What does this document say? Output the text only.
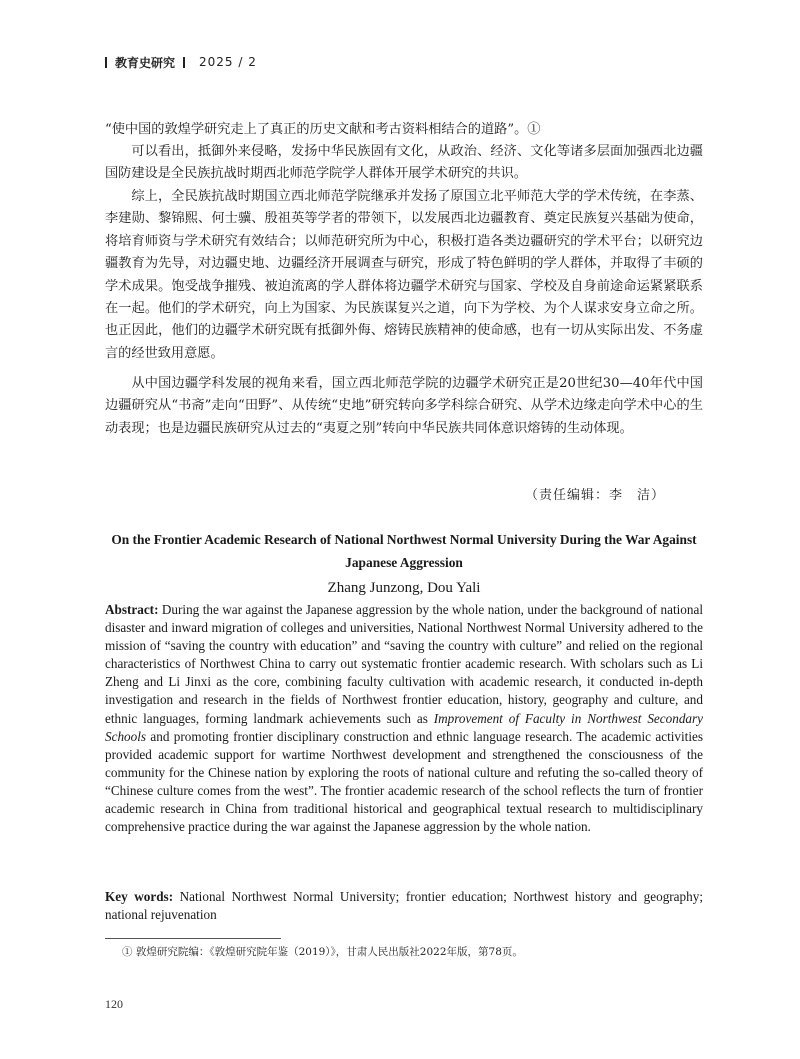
教育史研究 2025 / 2

“使中国的敦煌学研究走上了真正的历史文献和考古资料相结合的道路”。①

可以看出，抵御外来侵略，发扬中华民族固有文化，从政治、经济、文化等诸多层面加强西北边疆国防建设是全民族抗战时期西北师范学院学人群体开展学术研究的共识。

综上，全民族抗战时期国立西北师范学院继承并发扬了原国立北平师范大学的学术传统，在李蒸、李建勋、黎锦熙、何士骥、殷祖英等学者的带领下，以发展西北边疆教育、奠定民族复兴基础为使命，将培育师资与学术研究有效结合；以师范研究所为中心，积极打造各类边疆研究的学术平台；以研究边疆教育为先导，对边疆史地、边疆经济开展调查与研究，形成了特色鲜明的学人群体，并取得了丰硕的学术成果。饱受战争摧残、被迫流离的学人群体将边疆学术研究与国家、学校及自身前途命运紧紧联系在一起。他们的学术研究，向上为国家、为民族谋复兴之道，向下为学校、为个人谋求安身立命之所。也正因此，他们的边疆学术研究既有抵御外侮、熔铸民族精神的使命感，也有一切从实际出发、不务虚言的经世致用意愿。

从中国边疆学科发展的视角来看，国立西北师范学院的边疆学术研究正是20世纪30—40年代中国边疆研究从“书斋”走向“田野”、从传统“史地”研究转向多学科综合研究、从学术边缘走向学术中心的生动表现；也是边疆民族研究从过去的“夷夏之别”转向中华民族共同体意识熔铸的生动体现。

（责任编辑：李　洁）
On the Frontier Academic Research of National Northwest Normal University During the War Against Japanese Aggression
Zhang Junzong, Dou Yali

Abstract: During the war against the Japanese aggression by the whole nation, under the background of national disaster and inward migration of colleges and universities, National Northwest Normal University adhered to the mission of “saving the country with education” and “saving the country with culture” and relied on the regional characteristics of Northwest China to carry out systematic frontier academic research. With scholars such as Li Zheng and Li Jinxi as the core, combining faculty cultivation with academic research, it conducted in-depth investigation and research in the fields of Northwest frontier education, history, geography and culture, and ethnic languages, forming landmark achievements such as Improvement of Faculty in Northwest Secondary Schools and promoting frontier disciplinary construction and ethnic language research. The academic activities provided academic support for wartime Northwest development and strengthened the consciousness of the community for the Chinese nation by exploring the roots of national culture and refuting the so-called theory of “Chinese culture comes from the west”. The frontier academic research of the school reflects the turn of frontier academic research in China from traditional historical and geographical textual research to multidisciplinary comprehensive practice during the war against the Japanese aggression by the whole nation.

Key words: National Northwest Normal University; frontier education; Northwest history and geography; national rejuvenation

① 敦煌研究院编：《敦煌研究院年鉴（2019）》，甘肃人民出版社2022年版，第78页。
120
